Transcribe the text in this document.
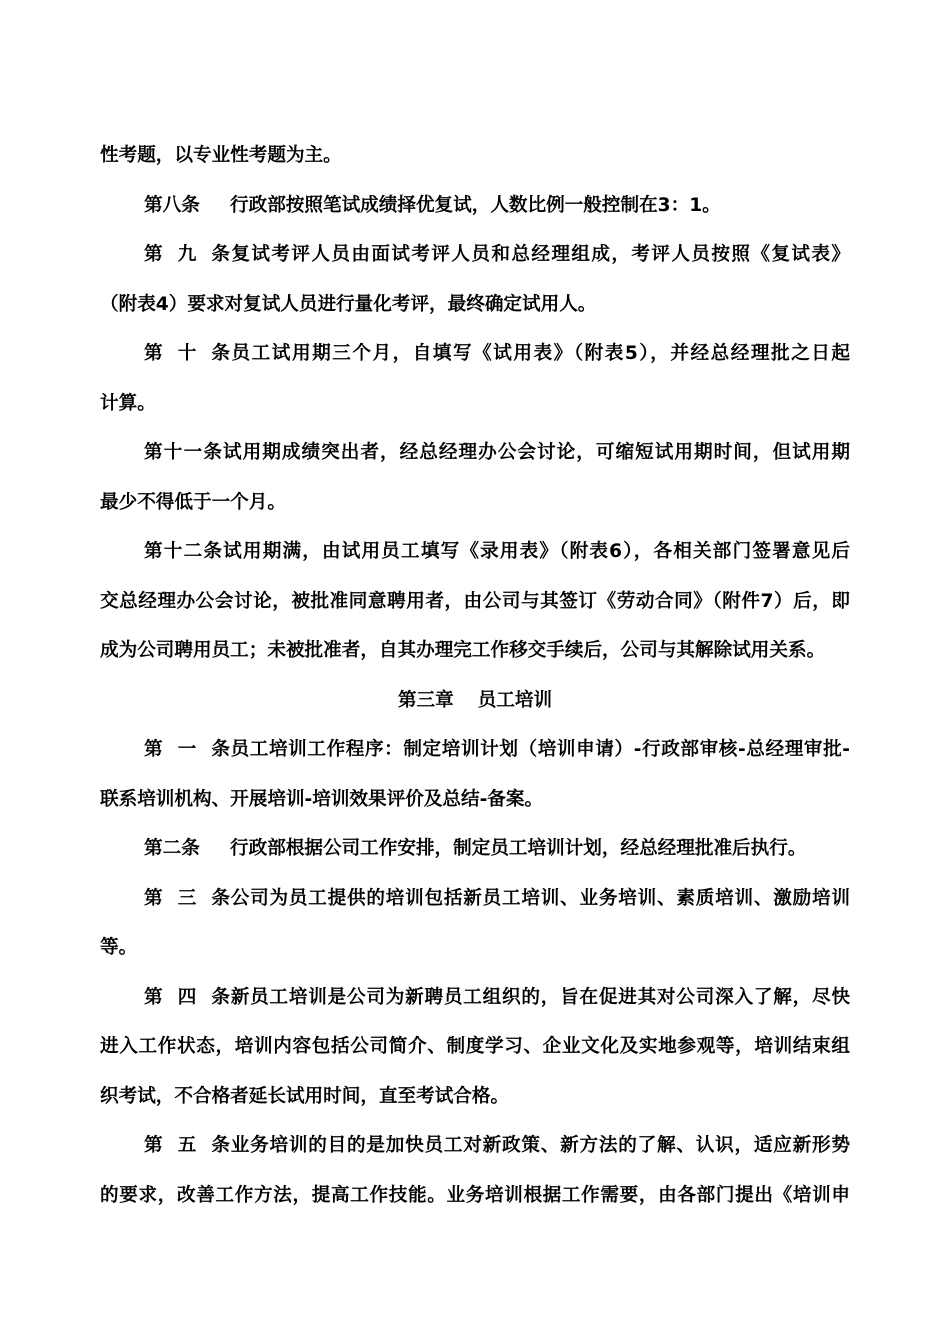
性考题，以专业性考题为主。
第八条 行政部按照笔试成绩择优复试，人数比例一般控制在3：1。
第九条复试考评人员由面试考评人员和总经理组成，考评人员按照《复试表》
（附表4）要求对复试人员进行量化考评，最终确定试用人。
第十条员工试用期三个月，自填写《试用表》（附表5），并经总经理批之日起
计算。
第十一条试用期成绩突出者，经总经理办公会讨论，可缩短试用期时间，但试用期
最少不得低于一个月。
第十二条试用期满，由试用员工填写《录用表》（附表6），各相关部门签署意见后
交总经理办公会讨论，被批准同意聘用者，由公司与其签订《劳动合同》（附件7）后，即
成为公司聘用员工；未被批准者，自其办理完工作移交手续后，公司与其解除试用关系。
第三章 员工培训
第一条员工培训工作程序：制定培训计划（培训申请）-行政部审核-总经理审批-
联系培训机构、开展培训-培训效果评价及总结-备案。
第二条 行政部根据公司工作安排，制定员工培训计划，经总经理批准后执行。
第三条公司为员工提供的培训包括新员工培训、业务培训、素质培训、激励培训
等。
第四条新员工培训是公司为新聘员工组织的，旨在促进其对公司深入了解，尽快
进入工作状态，培训内容包括公司简介、制度学习、企业文化及实地参观等，培训结束组
织考试，不合格者延长试用时间，直至考试合格。
第五条业务培训的目的是加快员工对新政策、新方法的了解、认识，适应新形势
的要求，改善工作方法，提高工作技能。业务培训根据工作需要，由各部门提出《培训申
